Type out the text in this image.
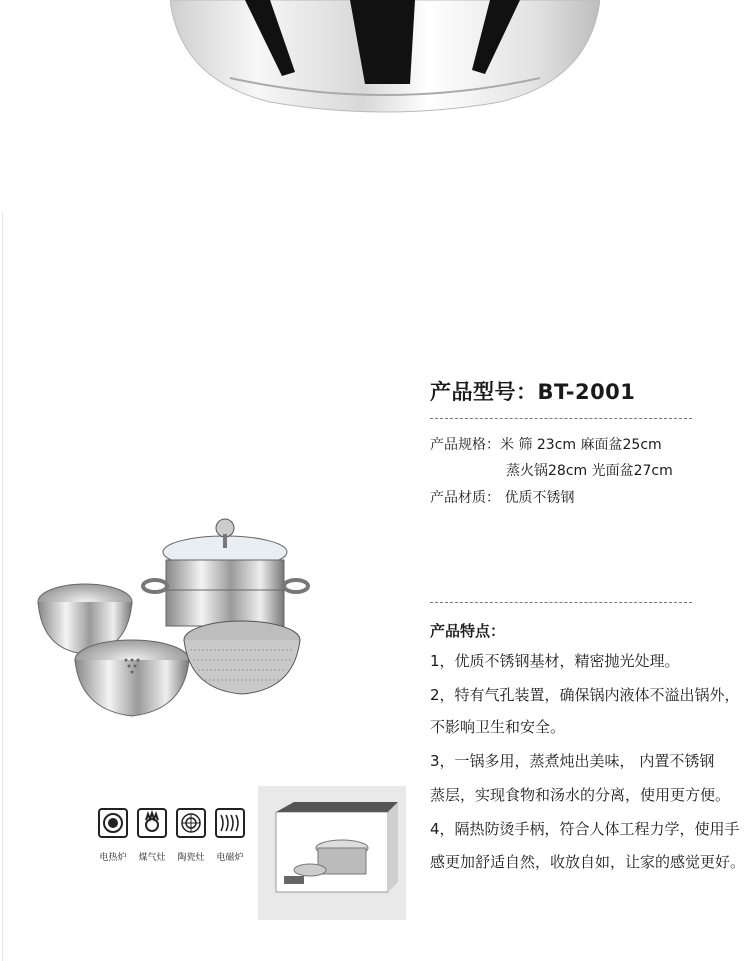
电热炉	煤气灶	陶瓷灶	电磁炉
产品型号：BT-2001
产品规格：米 筛 23cm 麻面盆25cm
蒸火锅28cm 光面盆27cm
产品材质： 优质不锈钢
产品特点：
1，优质不锈钢基材，精密抛光处理。
2，特有气孔装置，确保锅内液体不溢出锅外，
不影响卫生和安全。
3，一锅多用，蒸煮炖出美味， 内置不锈钢
蒸层，实现食物和汤水的分离，使用更方便。
4，隔热防烫手柄，符合人体工程力学，使用手
感更加舒适自然，收放自如，让家的感觉更好。
